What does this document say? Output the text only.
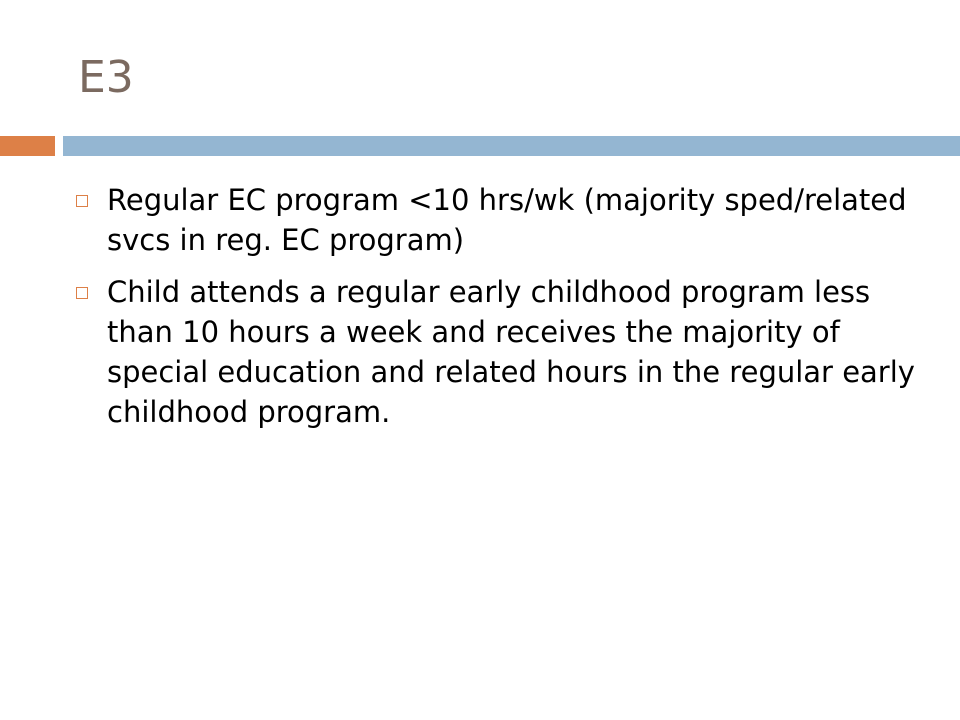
E3
Regular EC program <10 hrs/wk (majority sped/related svcs in reg. EC program)
Child attends a regular early childhood program less than 10 hours a week and receives the majority of special education and related hours in the regular early childhood program.
